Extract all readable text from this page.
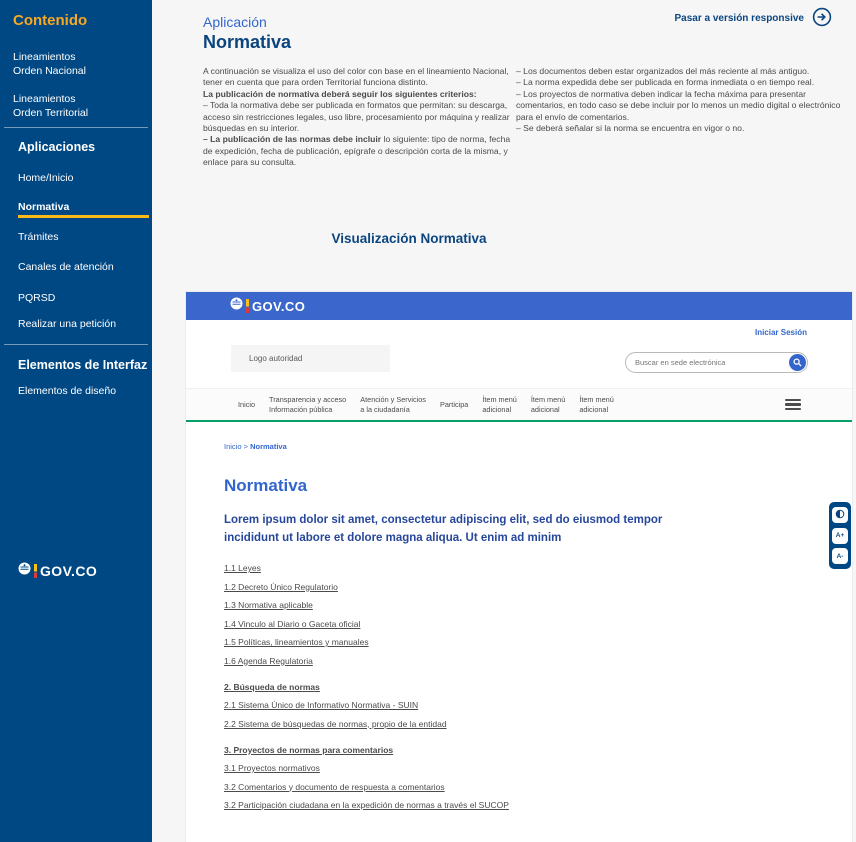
Contenido
Lineamientos
Orden Nacional
Lineamientos
Orden Territorial
Aplicaciones
Home/Inicio
Normativa
Trámites
Canales de atención
PQRSD
Realizar una petición
Elementos de Interfaz
Elementos de diseño
GOV.CO
Pasar a versión responsive
Aplicación
Normativa

A continuación se visualiza el uso del color con base en el lineamiento Nacional, tener en cuenta que para orden Territorial funciona distinto.

La publicación de normativa deberá seguir los siguientes criterios:

– Toda la normativa debe ser publicada en formatos que permitan: su descarga, acceso sin restricciones legales, uso libre, procesamiento por máquina y realizar búsquedas en su interior.

– La publicación de las normas debe incluir lo siguiente: tipo de norma, fecha de expedición, fecha de publicación, epígrafe o descripción corta de la misma, y enlace para su consulta.

– Los documentos deben estar organizados del más reciente al más antiguo.

– La norma expedida debe ser publicada en forma inmediata o en tiempo real.

– Los proyectos de normativa deben indicar la fecha máxima para presentar comentarios, en todo caso se debe incluir por lo menos un medio digital o electrónico para el envío de comentarios.

– Se deberá señalar si la norma se encuentra en vigor o no.

Visualización Normativa
GOV.CO
Logo autoridad
Iniciar Sesión
Buscar en sede electrónica
Inicio
Transparencia y acceso
Información pública
Atención y Servicios
a la ciudadanía
Participa
Ítem menú
adicional
Ítem menú
adicional
Ítem menú
adicional
Inicio > Normativa
Normativa

Lorem ipsum dolor sit amet, consectetur adipiscing elit, sed do eiusmod tempor incididunt ut labore et dolore magna aliqua. Ut enim ad minim

1.1 Leyes
1.2 Decreto Único Regulatorio
1.3 Normativa aplicable
1.4 Vinculo al Diario o Gaceta oficial
1.5 Políticas, lineamientos y manuales
1.6 Agenda Regulatoria
2. Búsqueda de normas
2.1 Sistema Único de Informativo Normativa - SUIN
2.2 Sistema de búsquedas de normas, propio de la entidad
3. Proyectos de normas para comentarios
3.1 Proyectos normativos
3.2 Comentarios y documento de respuesta a comentarios
3.2 Participación ciudadana en la expedición de normas a través el SUCOP
A+
A-
